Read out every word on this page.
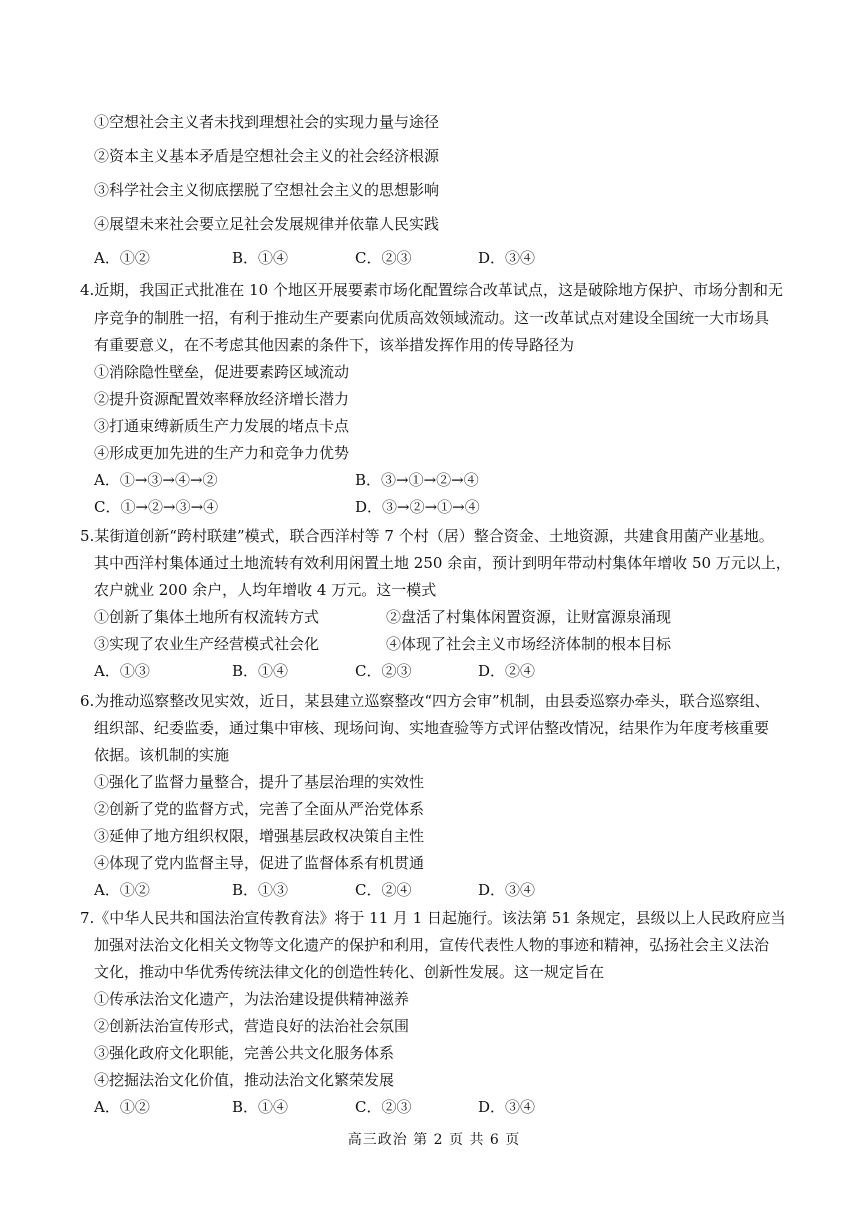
①空想社会主义者未找到理想社会的实现力量与途径
②资本主义基本矛盾是空想社会主义的社会经济根源
③科学社会主义彻底摆脱了空想社会主义的思想影响
④展望未来社会要立足社会发展规律并依靠人民实践
A．①②	B．①④	C．②③	D．③④
4.近期，我国正式批准在 10 个地区开展要素市场化配置综合改革试点，这是破除地方保护、市场分割和无
序竞争的制胜一招，有利于推动生产要素向优质高效领域流动。这一改革试点对建设全国统一大市场具
有重要意义，在不考虑其他因素的条件下，该举措发挥作用的传导路径为
①消除隐性壁垒，促进要素跨区域流动
②提升资源配置效率释放经济增长潜力
③打通束缚新质生产力发展的堵点卡点
④形成更加先进的生产力和竞争力优势
A．①→③→④→②	B．③→①→②→④
C．①→②→③→④	D．③→②→①→④
5.某街道创新“跨村联建”模式，联合西洋村等 7 个村（居）整合资金、土地资源，共建食用菌产业基地。
其中西洋村集体通过土地流转有效利用闲置土地 250 余亩，预计到明年带动村集体年增收 50 万元以上，
农户就业 200 余户，人均年增收 4 万元。这一模式
①创新了集体土地所有权流转方式	②盘活了村集体闲置资源，让财富源泉涌现
③实现了农业生产经营模式社会化	④体现了社会主义市场经济体制的根本目标
A．①③	B．①④	C．②③	D．②④
6.为推动巡察整改见实效，近日，某县建立巡察整改“四方会审”机制，由县委巡察办牵头，联合巡察组、
组织部、纪委监委，通过集中审核、现场问询、实地查验等方式评估整改情况，结果作为年度考核重要
依据。该机制的实施
①强化了监督力量整合，提升了基层治理的实效性
②创新了党的监督方式，完善了全面从严治党体系
③延伸了地方组织权限，增强基层政权决策自主性
④体现了党内监督主导，促进了监督体系有机贯通
A．①②	B．①③	C．②④	D．③④
7.《中华人民共和国法治宣传教育法》将于 11 月 1 日起施行。该法第 51 条规定，县级以上人民政府应当
加强对法治文化相关文物等文化遗产的保护和利用，宣传代表性人物的事迹和精神，弘扬社会主义法治
文化，推动中华优秀传统法律文化的创造性转化、创新性发展。这一规定旨在
①传承法治文化遗产，为法治建设提供精神滋养
②创新法治宣传形式，营造良好的法治社会氛围
③强化政府文化职能，完善公共文化服务体系
④挖掘法治文化价值，推动法治文化繁荣发展
A．①②	B．①④	C．②③	D．③④
高三政治 第 2 页 共 6 页
